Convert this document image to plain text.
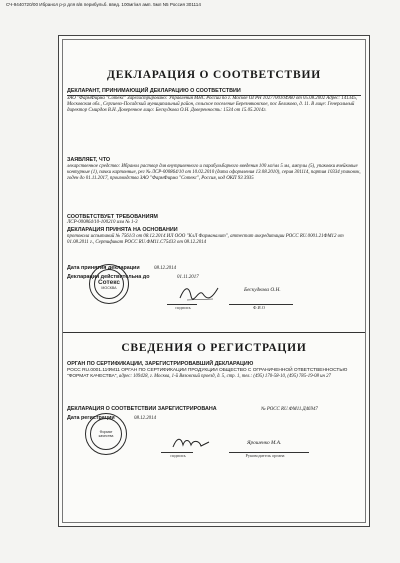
СЧ-9440720/00 Ибранол р-р для в/в перибульб. введ. 100мг/мл амп. 5мл N5 Россия 301114
ДЕКЛАРАЦИЯ О СООТВЕТСТВИИ
ДЕКЛАРАНТ, ПРИНИМАЮЩИЙ ДЕКЛАРАЦИЮ О СООТВЕТСТВИИ
ЗАО "ФармФирма "Сотекс" Зарегистрировано: Управления МНС России по г. Москве ОГРН 1027700104960 от 05.08.2002 Адрес: 141345, Московская обл., Сергиево-Посадский муниципальный район, сельское поселение Березняковское, пос Беликово, д. 11. В лице: Генеральный директор Смирдов В.Н. Доверенное лицо: Бескудкова О.Н. Доверенность: 1534 от 15.05.2014г.
ЗАЯВЛЯЕТ, ЧТО
лекарственное средство: Ибранол раствор для внутривенного и парабульбарного введения 100 мг/мл 5 мл, ампулы (5), упаковки ячейковые контурные (1), пачки картонные, рег № ЛСР-000864/10 от 10.02.2010 (дата оформления 13.08.2010), серия 301114, партия 10334 упаковок, годен до 01.11.2017, производства ЗАО "ФармФирма "Сотекс", Россия, код ОКП 93 3935
СООТВЕТСТВУЕТ ТРЕБОВАНИЯМ
ЛСР-000864/10-100210 изм № 1-3
ДЕКЛАРАЦИЯ ПРИНЯТА НА ОСНОВАНИИ
протокола испытаний № 7561/3 от 08.12.2014 ИЛ ООО "КлЛ Фарманалит", аттестат аккредитации РОСС RU.0001.21ФМ12 от 01.08.2011 г., Сертификат РОСС RU.ФМ11.С75433 от 08.12.2014
Дата принятия декларации	08.12.2014
Декларация действительна до	01.11.2017
Сотекс
МОСКВА	Бескудкова О.Н.
подпись	Ф.И.О
СВЕДЕНИЯ О РЕГИСТРАЦИИ
ОРГАН ПО СЕРТИФИКАЦИИ, ЗАРЕГИСТРИРОВАВШИЙ ДЕКЛАРАЦИЮ
РОСС RU.0001.11ФМ11 ОРГАН ПО СЕРТИФИКАЦИИ ПРОДУКЦИИ ОБЩЕСТВО С ОГРАНИЧЕННОЙ ОТВЕТСТВЕННОСТЬЮ "ФОРМАТ КАЧЕСТВА", адрес: 109428, г. Москва, 1-й Вязовский проезд, д. 5, стр. 1, тел.: (495) 170-58-10, (495) 785-19-08 ин 27
ДЕКЛАРАЦИЯ О СООТВЕТСТВИИ ЗАРЕГИСТРИРОВАНА	№ РОСС RU.ФМ11.Д46947
Дата регистрации	08.12.2014
Формат
качества
Ярошенко М.А.
подпись	Руководитель органа
